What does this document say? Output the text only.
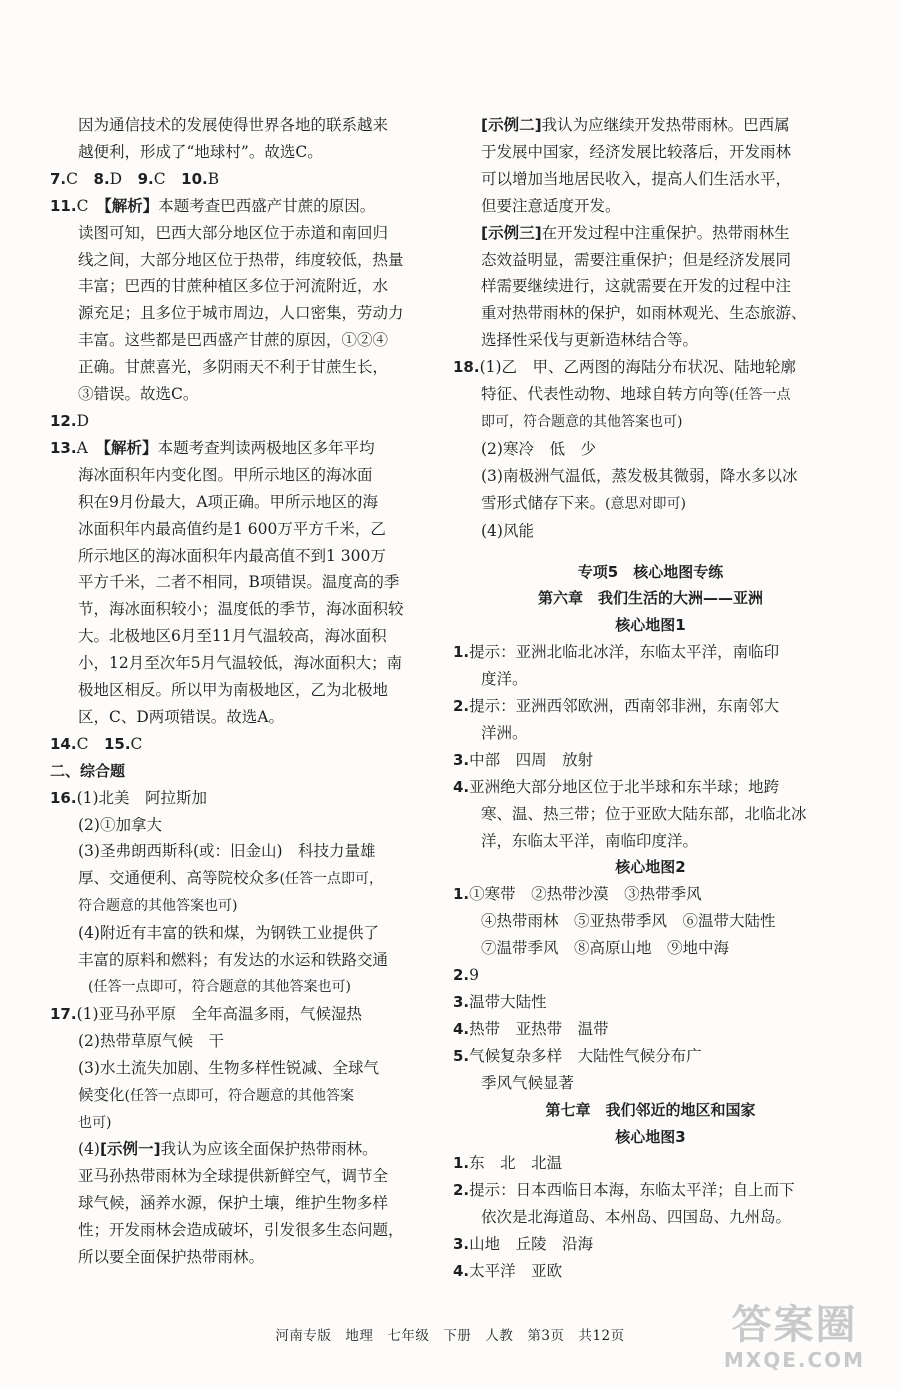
因为通信技术的发展使得世界各地的联系越来
越便利，形成了“地球村”。故选C。
7.C　 8.D　 9.C　 10.B
11.C　 【解析】本题考查巴西盛产甘蔗的原因。
读图可知，巴西大部分地区位于赤道和南回归
线之间，大部分地区位于热带，纬度较低，热量
丰富；巴西的甘蔗种植区多位于河流附近，水
源充足；且多位于城市周边，人口密集，劳动力
丰富。这些都是巴西盛产甘蔗的原因，①②④
正确。甘蔗喜光，多阴雨天不利于甘蔗生长，
③错误。故选C。
12.D
13.A　 【解析】本题考查判读两极地区多年平均
海冰面积年内变化图。甲所示地区的海冰面
积在9月份最大，A项正确。甲所示地区的海
冰面积年内最高值约是1 600万平方千米，乙
所示地区的海冰面积年内最高值不到1 300万
平方千米，二者不相同，B项错误。温度高的季
节，海冰面积较小；温度低的季节，海冰面积较
大。北极地区6月至11月气温较高，海冰面积
小，12月至次年5月气温较低，海冰面积大；南
极地区相反。所以甲为南极地区，乙为北极地
区，C、D两项错误。故选A。
14.C　 15.C
二、综合题
16.(1)北美　阿拉斯加
(2)①加拿大
(3)圣弗朗西斯科(或：旧金山)　科技力量雄
厚、交通便利、高等院校众多(任答一点即可，
符合题意的其他答案也可)
(4)附近有丰富的铁和煤，为钢铁工业提供了
丰富的原料和燃料；有发达的水运和铁路交通
(任答一点即可，符合题意的其他答案也可)
17.(1)亚马孙平原　全年高温多雨，气候湿热
(2)热带草原气候　干
(3)水土流失加剧、生物多样性锐减、全球气
候变化(任答一点即可，符合题意的其他答案
也可)
(4)[示例一]我认为应该全面保护热带雨林。
亚马孙热带雨林为全球提供新鲜空气，调节全
球气候，涵养水源，保护土壤，维护生物多样
性；开发雨林会造成破坏，引发很多生态问题，
所以要全面保护热带雨林。
[示例二]我认为应继续开发热带雨林。巴西属
于发展中国家，经济发展比较落后，开发雨林
可以增加当地居民收入，提高人们生活水平，
但要注意适度开发。
[示例三]在开发过程中注重保护。热带雨林生
态效益明显，需要注重保护；但是经济发展同
样需要继续进行，这就需要在开发的过程中注
重对热带雨林的保护，如雨林观光、生态旅游、
选择性采伐与更新造林结合等。
18.(1)乙　甲、乙两图的海陆分布状况、陆地轮廓
特征、代表性动物、地球自转方向等(任答一点
即可，符合题意的其他答案也可)
(2)寒冷　低　少
(3)南极洲气温低，蒸发极其微弱，降水多以冰
雪形式储存下来。(意思对即可)
(4)风能
专项5　核心地图专练
第六章　我们生活的大洲——亚洲
核心地图1
1.提示：亚洲北临北冰洋，东临太平洋，南临印
度洋。
2.提示：亚洲西邻欧洲，西南邻非洲，东南邻大
洋洲。
3.中部　四周　放射
4.亚洲绝大部分地区位于北半球和东半球；地跨
寒、温、热三带；位于亚欧大陆东部，北临北冰
洋，东临太平洋，南临印度洋。
核心地图2
1.①寒带　②热带沙漠　③热带季风
④热带雨林　⑤亚热带季风　⑥温带大陆性
⑦温带季风　⑧高原山地　⑨地中海
2.9
3.温带大陆性
4.热带　亚热带　温带
5.气候复杂多样　大陆性气候分布广
季风气候显著
第七章　我们邻近的地区和国家
核心地图3
1.东　北　北温
2.提示：日本西临日本海，东临太平洋；自上而下
依次是北海道岛、本州岛、四国岛、九州岛。
3.山地　丘陵　沿海
4.太平洋　亚欧
河南专版　地理　七年级　下册　人教　第3页　共12页	答案圈
MXQE.COM
